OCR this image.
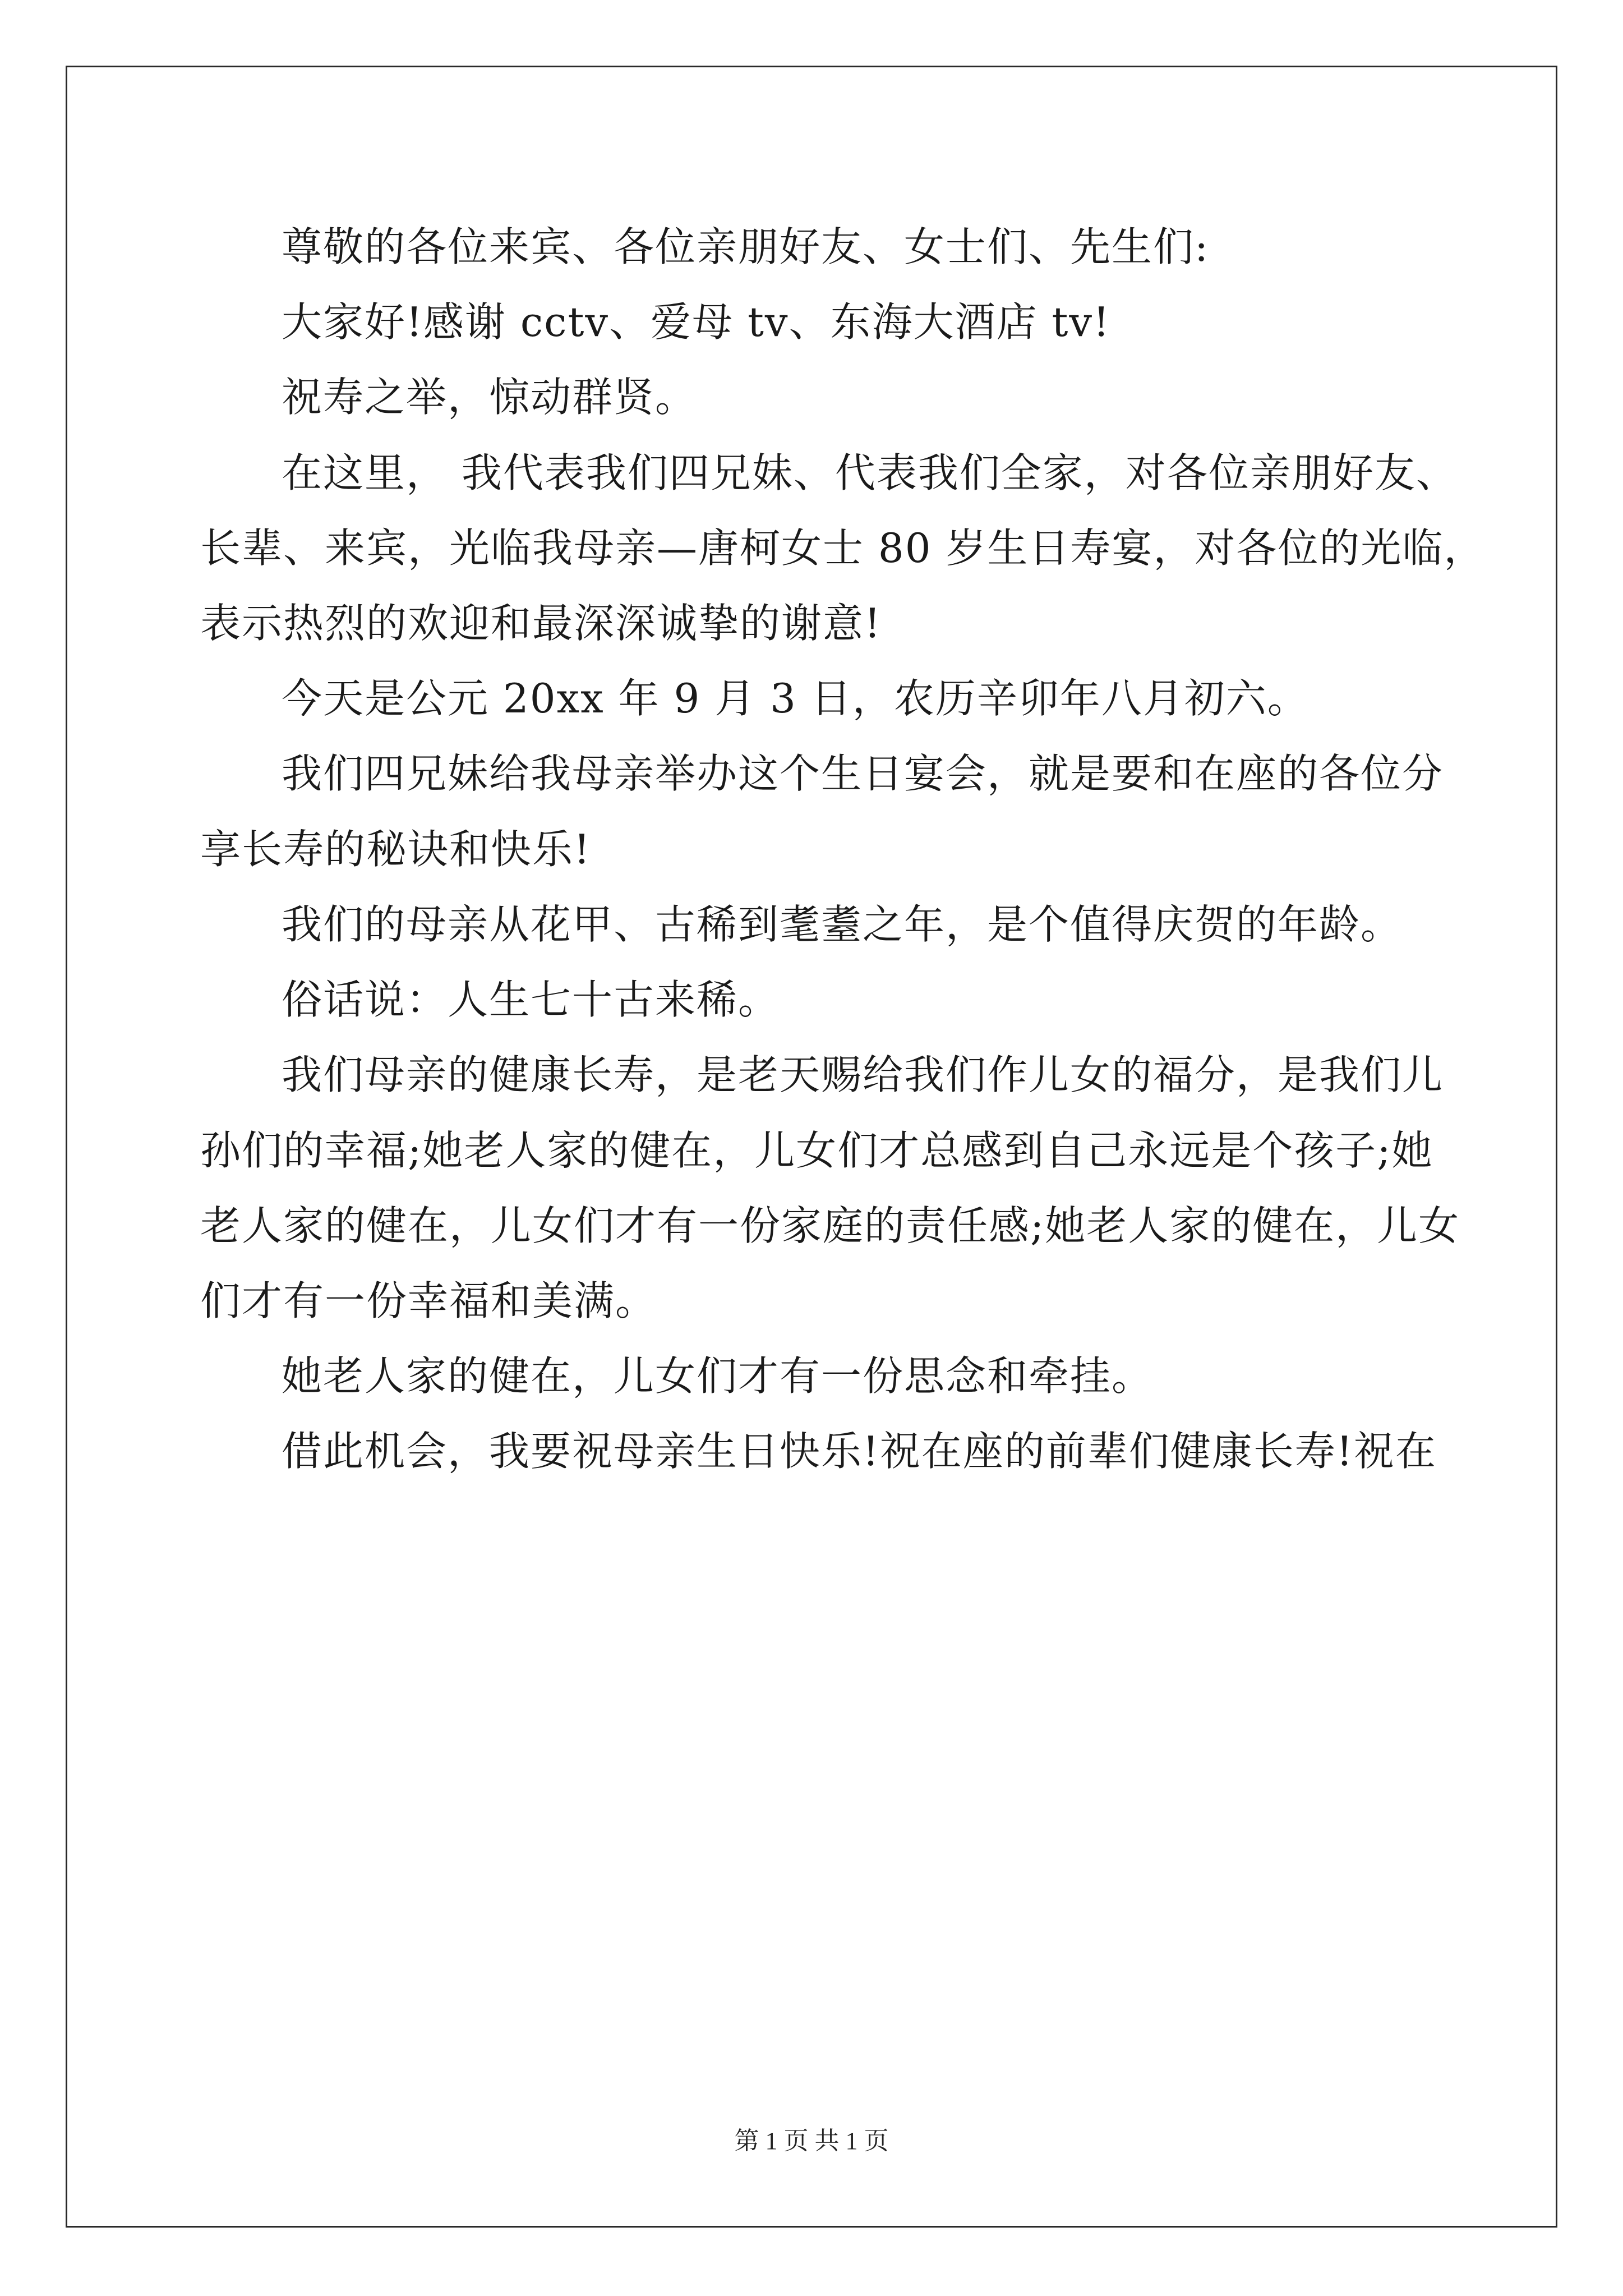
尊敬的各位来宾、各位亲朋好友、女士们、先生们:
大家好!感谢 cctv、爱母 tv、东海大酒店 tv!
祝寿之举，惊动群贤。
在这里， 我代表我们四兄妹、代表我们全家，对各位亲朋好友、
长辈、来宾，光临我母亲—唐柯女士 80 岁生日寿宴，对各位的光临，
表示热烈的欢迎和最深深诚挚的谢意!
今天是公元 20xx 年 9 月 3 日，农历辛卯年八月初六。
我们四兄妹给我母亲举办这个生日宴会，就是要和在座的各位分
享长寿的秘诀和快乐!
我们的母亲从花甲、古稀到耄耋之年，是个值得庆贺的年龄。
俗话说：人生七十古来稀。
我们母亲的健康长寿，是老天赐给我们作儿女的福分，是我们儿
孙们的幸福;她老人家的健在，儿女们才总感到自己永远是个孩子;她
老人家的健在，儿女们才有一份家庭的责任感;她老人家的健在，儿女
们才有一份幸福和美满。
她老人家的健在，儿女们才有一份思念和牵挂。
借此机会，我要祝母亲生日快乐!祝在座的前辈们健康长寿!祝在
第 1 页 共 1 页
